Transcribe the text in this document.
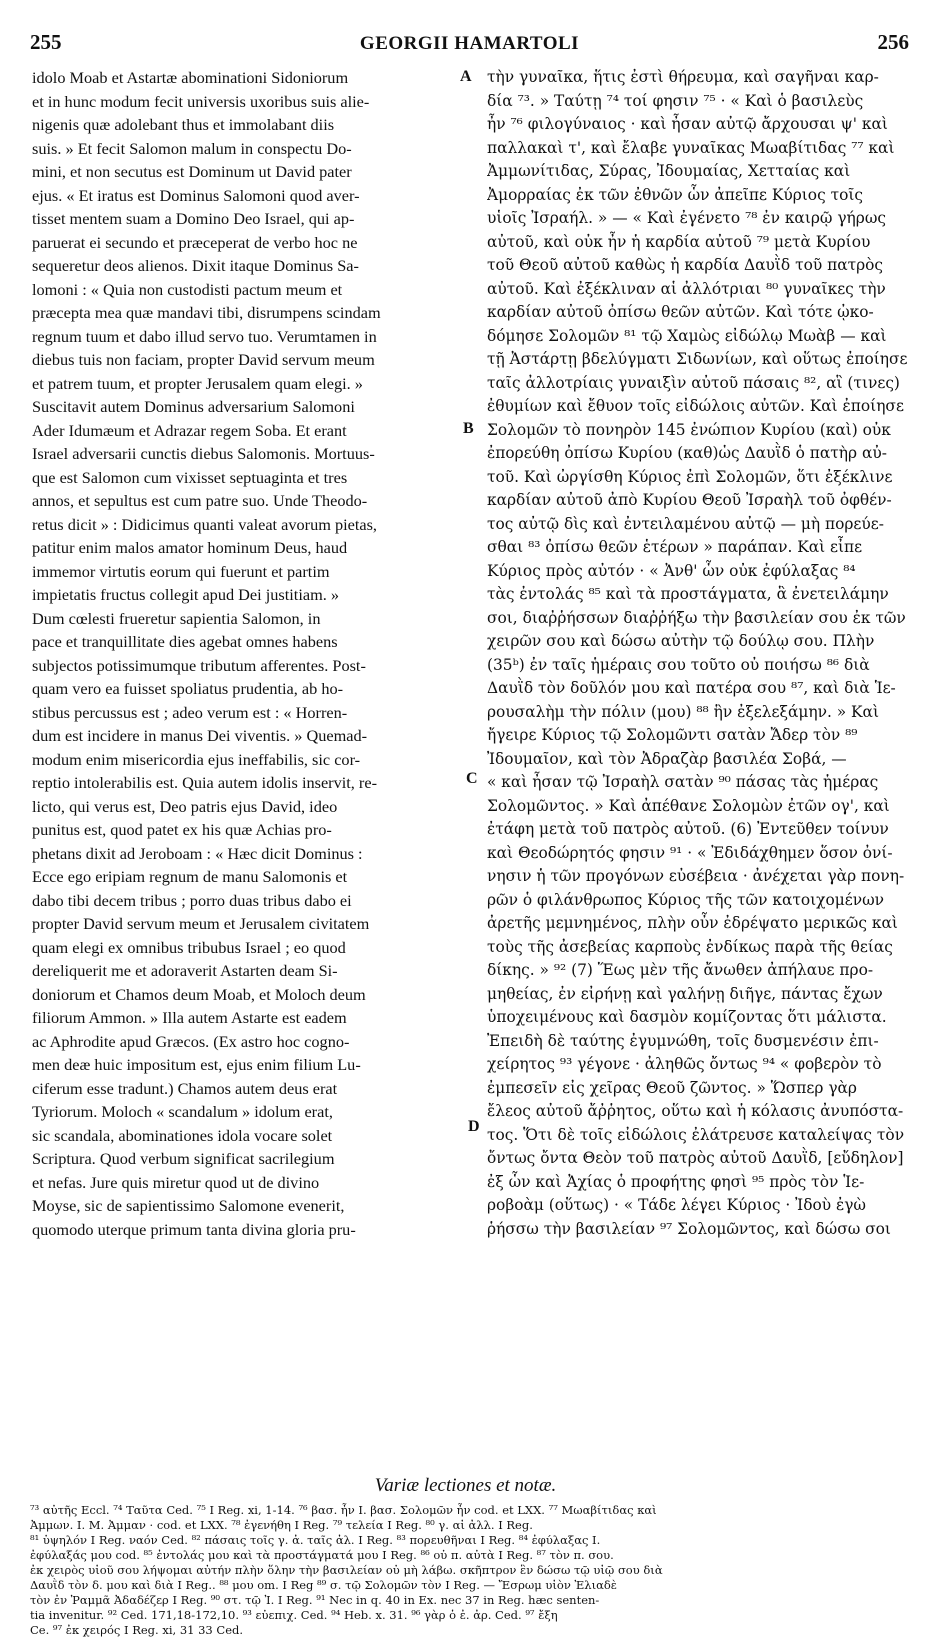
255	GEORGII HAMARTOLI	256
idolo Moab et Astartæ abominationi Sidoniorum
et in hunc modum fecit universis uxoribus suis alie-
nigenis quæ adolebant thus et immolabant diis
suis. » Et fecit Salomon malum in conspectu Do-
mini, et non secutus est Dominum ut David pater
ejus. « Et iratus est Dominus Salomoni quod aver-
tisset mentem suam a Domino Deo Israel, qui ap-
paruerat ei secundo et præceperat de verbo hoc ne
sequeretur deos alienos. Dixit itaque Dominus Sa-
lomoni : « Quia non custodisti pactum meum et
præcepta mea quæ mandavi tibi, disrumpens scindam
regnum tuum et dabo illud servo tuo. Verumtamen in
diebus tuis non faciam, propter David servum meum
et patrem tuum, et propter Jerusalem quam elegi. »
Suscitavit autem Dominus adversarium Salomoni
Ader Idumæum et Adrazar regem Soba. Et erant
Israel adversarii cunctis diebus Salomonis. Mortuus-
que est Salomon cum vixisset septuaginta et tres
annos, et sepultus est cum patre suo. Unde Theodo-
retus dicit » : Didicimus quanti valeat avorum pietas,
patitur enim malos amator hominum Deus, haud
immemor virtutis eorum qui fuerunt et partim
impietatis fructus collegit apud Dei justitiam. »
Dum cœlesti frueretur sapientia Salomon, in
pace et tranquillitate dies agebat omnes habens
subjectos potissimumque tributum afferentes. Post-
quam vero ea fuisset spoliatus prudentia, ab ho-
stibus percussus est ; adeo verum est : « Horren-
dum est incidere in manus Dei viventis. » Quemad-
modum enim misericordia ejus ineffabilis, sic cor-
reptio intolerabilis est. Quia autem idolis inservit, re-
licto, qui verus est, Deo patris ejus David, ideo
punitus est, quod patet ex his quæ Achias pro-
phetans dixit ad Jeroboam : « Hæc dicit Dominus :
Ecce ego eripiam regnum de manu Salomonis et
dabo tibi decem tribus ; porro duas tribus dabo ei
propter David servum meum et Jerusalem civitatem
quam elegi ex omnibus tribubus Israel ; eo quod
dereliquerit me et adoraverit Astarten deam Si-
doniorum et Chamos deum Moab, et Moloch deum
filiorum Ammon. » Illa autem Astarte est eadem
ac Aphrodite apud Græcos. (Ex astro hoc cogno-
men deæ huic impositum est, ejus enim filium Lu-
ciferum esse tradunt.) Chamos autem deus erat
Tyriorum. Moloch « scandalum » idolum erat,
sic scandala, abominationes idola vocare solet
Scriptura. Quod verbum significat sacrilegium
et nefas. Jure quis miretur quod ut de divino
Moyse, sic de sapientissimo Salomone evenerit,
quomodo uterque primum tanta divina gloria pru-
τὴν γυναῖκα, ἥτις ἐστὶ θήρευμα, καὶ σαγῆναι καρ-
δία ⁷³. » Ταύτῃ ⁷⁴ τοί φησιν ⁷⁵ · « Καὶ ὁ βασιλεὺς
ἦν ⁷⁶ φιλογύναιος · καὶ ἦσαν αὐτῷ ἄρχουσαι ψ' καὶ
παλλακαὶ τ', καὶ ἔλαβε γυναῖκας Μωαβίτιδας ⁷⁷ καὶ
Ἀμμωνίτιδας, Σύρας, Ἰδουμαίας, Χετταίας καὶ
Ἀμορραίας ἐκ τῶν ἐθνῶν ὧν ἀπεῖπε Κύριος τοῖς
υἱοῖς Ἰσραήλ. » — « Καὶ ἐγένετο ⁷⁸ ἐν καιρῷ γήρως
αὐτοῦ, καὶ οὐκ ἦν ἡ καρδία αὐτοῦ ⁷⁹ μετὰ Κυρίου
τοῦ Θεοῦ αὐτοῦ καθὼς ἡ καρδία Δαυῒδ τοῦ πατρὸς
αὐτοῦ. Καὶ ἐξέκλιναν αἱ ἀλλότριαι ⁸⁰ γυναῖκες τὴν
καρδίαν αὐτοῦ ὀπίσω θεῶν αὐτῶν. Καὶ τότε ᾠκο-
δόμησε Σολομῶν ⁸¹ τῷ Χαμὼς εἰδώλῳ Μωὰβ — καὶ
τῇ Ἀστάρτῃ βδελύγματι Σιδωνίων, καὶ οὕτως ἐποίησε
ταῖς ἀλλοτρίαις γυναιξὶν αὐτοῦ πάσαις ⁸², αἳ (τινες)
ἐθυμίων καὶ ἔθυον τοῖς εἰδώλοις αὐτῶν. Καὶ ἐποίησε
Σολομῶν τὸ πονηρὸν 145 ἐνώπιον Κυρίου (καὶ) οὐκ
ἐπορεύθη ὀπίσω Κυρίου (καθ)ὡς Δαυῒδ ὁ πατὴρ αὐ-
τοῦ. Καὶ ὠργίσθη Κύριος ἐπὶ Σολομῶν, ὅτι ἐξέκλινε
καρδίαν αὐτοῦ ἀπὸ Κυρίου Θεοῦ Ἰσραὴλ τοῦ ὀφθέν-
τος αὐτῷ δὶς καὶ ἐντειλαμένου αὐτῷ — μὴ πορεύε-
σθαι ⁸³ ὀπίσω θεῶν ἑτέρων » παράπαν. Καὶ εἶπε
Κύριος πρὸς αὐτόν · « Ἀνθ' ὧν οὐκ ἐφύλαξας ⁸⁴
τὰς ἐντολάς ⁸⁵ καὶ τὰ προστάγματα, ἃ ἐνετειλάμην
σοι, διαῤῥήσσων διαῤῥήξω τὴν βασιλείαν σου ἐκ τῶν
χειρῶν σου καὶ δώσω αὐτὴν τῷ δούλῳ σου. Πλὴν
(35ᵇ) ἐν ταῖς ἡμέραις σου τοῦτο οὐ ποιήσω ⁸⁶ διὰ
Δαυῒδ τὸν δοῦλόν μου καὶ πατέρα σου ⁸⁷, καὶ διὰ Ἱε-
ρουσαλὴμ τὴν πόλιν (μου) ⁸⁸ ἣν ἐξελεξάμην. » Καὶ
ἤγειρε Κύριος τῷ Σολομῶντι σατὰν Ἄδερ τὸν ⁸⁹
Ἰδουμαῖον, καὶ τὸν Ἀδραζὰρ βασιλέα Σοβά, —
« καὶ ἦσαν τῷ Ἰσραὴλ σατὰν ⁹⁰ πάσας τὰς ἡμέρας
Σολομῶντος. » Καὶ ἀπέθανε Σολομὼν ἐτῶν ογ', καὶ
ἐτάφη μετὰ τοῦ πατρὸς αὐτοῦ. (6) Ἐντεῦθεν τοίνυν
καὶ Θεοδώρητός φησιν ⁹¹ · « Ἐδιδάχθημεν ὅσον ὀνί-
νησιν ἡ τῶν προγόνων εὐσέβεια · ἀνέχεται γὰρ πονη-
ρῶν ὁ φιλάνθρωπος Κύριος τῆς τῶν κατοιχομένων
ἀρετῆς μεμνημένος, πλὴν οὖν ἐδρέψατο μερικῶς καὶ
τοὺς τῆς ἀσεβείας καρποὺς ἐνδίκως παρὰ τῆς θείας
δίκης. » ⁹² (7) Ἕως μὲν τῆς ἄνωθεν ἀπήλαυε προ-
μηθείας, ἐν εἰρήνῃ καὶ γαλήνῃ διῆγε, πάντας ἔχων
ὑποχειμένους καὶ δασμὸν κομίζοντας ὅτι μάλιστα.
Ἐπειδὴ δὲ ταύτης ἐγυμνώθη, τοῖς δυσμενέσιν ἐπι-
χείρητος ⁹³ γέγονε · ἀληθῶς ὄντως ⁹⁴ « φοβερὸν τὸ
ἐμπεσεῖν εἰς χεῖρας Θεοῦ ζῶντος. » Ὥσπερ γὰρ
ἔλεος αὐτοῦ ἄῤῥητος, οὕτω καὶ ἡ κόλασις ἀνυπόστα-
τος. Ὅτι δὲ τοῖς εἰδώλοις ἐλάτρευσε καταλείψας τὸν
ὄντως ὄντα Θεὸν τοῦ πατρὸς αὐτοῦ Δαυῒδ, [εὔδηλον]
ἐξ ὧν καὶ Ἀχίας ὁ προφήτης φησὶ ⁹⁵ πρὸς τὸν Ἱε-
ροβοὰμ (οὕτως) · « Τάδε λέγει Κύριος · Ἰδοὺ ἐγὼ
ῥήσσω τὴν βασιλείαν ⁹⁷ Σολομῶντος, καὶ δώσω σοι
A
B
C
D
Variæ lectiones et notæ.
⁷³ αὐτῆς Eccl. ⁷⁴ Ταῦτα Ced. ⁷⁵ I Reg. xi, 1-14. ⁷⁶ βασ. ἦν I. βασ. Σολομῶν ἦν cod. et LXX. ⁷⁷ Μωαβίτιδας καὶ
Ἀμμων. I. M. Ἀμμαν · cod. et LXX. ⁷⁸ ἐγενήθη I Reg. ⁷⁹ τελεία I Reg. ⁸⁰ γ. αἱ ἀλλ. I Reg.
⁸¹ ὑψηλόν I Reg. ναόν Ced. ⁸² πάσαις τοῖς γ. ἀ. ταῖς ἀλ. I Reg. ⁸³ πορευθῆναι I Reg. ⁸⁴ ἐφύλαξας I.
ἐφύλαξάς μου cod. ⁸⁵ ἐντολάς μου καὶ τὰ προστάγματά μου I Reg. ⁸⁶ οὐ π. αὐτὰ I Reg. ⁸⁷ τὸν π. σου.
ἐκ χειρὸς υἱοῦ σου λήψομαι αὐτήν πλὴν ὅλην τὴν βασιλείαν οὐ μὴ λάβω. σκῆπτρον ἓν δώσω τῷ υἱῷ σου διὰ
Δαυῒδ τὸν δ. μου καὶ διὰ I Reg.. ⁸⁸ μου om. I Reg ⁸⁹ σ. τῷ Σολομῶν τὸν I Reg. — Ἔσρωμ υἱὸν Ἐλιαδὲ
τὸν ἐν Ῥαμμᾶ Ἀδαδέζερ I Reg. ⁹⁰ στ. τῷ Ἰ. I Reg. ⁹¹ Nec in q. 40 in Ex. nec 37 in Reg. hæc senten-
tia invenitur. ⁹² Ced. 171,18-172,10. ⁹³ εὐεπιχ. Ced. ⁹⁴ Heb. x. 31. ⁹⁶ γὰρ ὁ ἐ. ἀρ. Ced. ⁹⁷ ἔξη
Ce. ⁹⁷ ἐκ χειρός I Reg. xi, 31 33 Ced.
